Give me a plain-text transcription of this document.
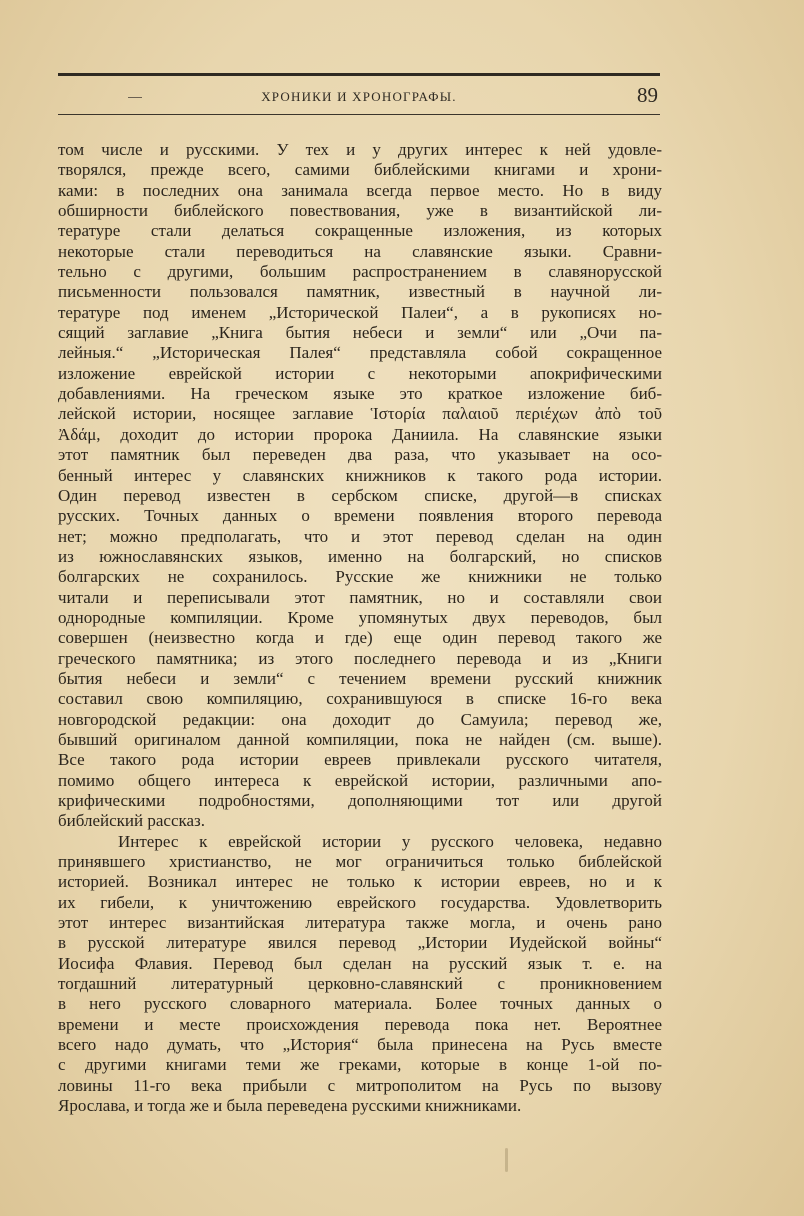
ХРОНИКИ И ХРОНОГРАФЫ.	89
том числе и русскими. У тех и у других интерес к ней удовле-
творялся, прежде всего, самими библейскими книгами и хрони-
ками: в последних она занимала всегда первое место. Но в виду
обширности библейского повествования, уже в византийской ли-
тературе стали делаться сокращенные изложения, из которых
некоторые стали переводиться на славянские языки. Сравни-
тельно с другими, большим распространением в славянорусской
письменности пользовался памятник, известный в научной ли-
тературе под именем „Исторической Палеи“, а в рукописях но-
сящий заглавие „Книга бытия небеси и земли“ или „Очи па-
лейныя.“ „Историческая Палея“ представляла собой сокращенное
изложение еврейской истории с некоторыми апокрифическими
добавлениями. На греческом языке это краткое изложение биб-
лейской истории, носящее заглавие Ἱστορία παλαιοῦ περιέχων ἀπὸ τοῦ
Ἀδάμ, доходит до истории пророка Даниила. На славянские языки
этот памятник был переведен два раза, что указывает на осо-
бенный интерес у славянских книжников к такого рода истории.
Один перевод известен в сербском списке, другой—в списках
русских. Точных данных о времени появления второго перевода
нет; можно предполагать, что и этот перевод сделан на один
из южнославянских языков, именно на болгарский, но списков
болгарских не сохранилось. Русские же книжники не только
читали и переписывали этот памятник, но и составляли свои
однородные компиляции. Кроме упомянутых двух переводов, был
совершен (неизвестно когда и где) еще один перевод такого же
греческого памятника; из этого последнего перевода и из „Книги
бытия небеси и земли“ с течением времени русский книжник
составил свою компиляцию, сохранившуюся в списке 16-го века
новгородской редакции: она доходит до Самуила; перевод же,
бывший оригиналом данной компиляции, пока не найден (см. выше).
Все такого рода истории евреев привлекали русского читателя,
помимо общего интереса к еврейской истории, различными апо-
крифическими подробностями, дополняющими тот или другой
библейский рассказ.
Интерес к еврейской истории у русского человека, недавно
принявшего христианство, не мог ограничиться только библейской
историей. Возникал интерес не только к истории евреев, но и к
их гибели, к уничтожению еврейского государства. Удовлетворить
этот интерес византийская литература также могла, и очень рано
в русской литературе явился перевод „Истории Иудейской войны“
Иосифа Флавия. Перевод был сделан на русский язык т. е. на
тогдашний литературный церковно-славянский с проникновением
в него русского словарного материала. Более точных данных о
времени и месте происхождения перевода пока нет. Вероятнее
всего надо думать, что „История“ была принесена на Русь вместе
с другими книгами теми же греками, которые в конце 1-ой по-
ловины 11-го века прибыли с митрополитом на Русь по вызову
Ярослава, и тогда же и была переведена русскими книжниками.
